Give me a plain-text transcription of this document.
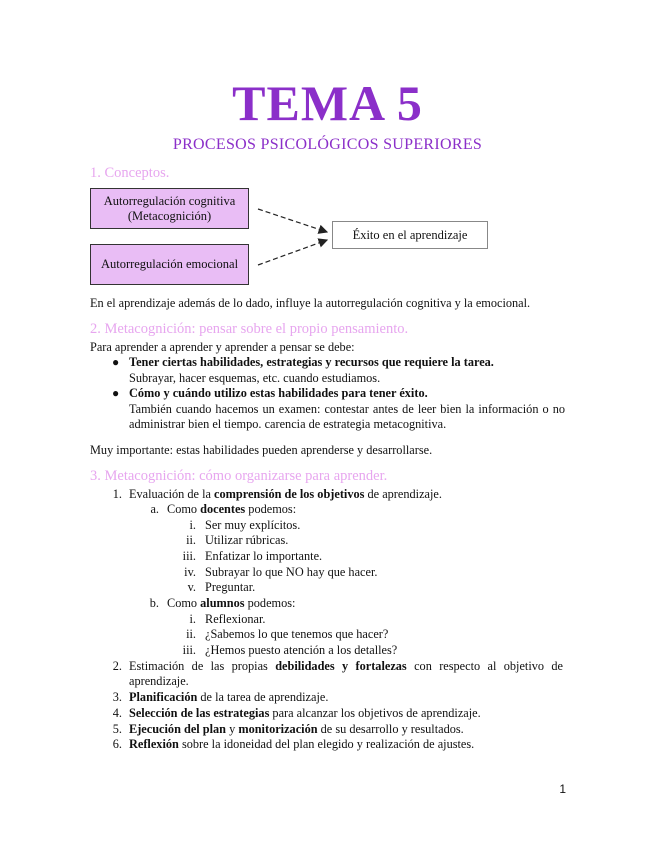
TEMA 5
PROCESOS PSICOLÓGICOS SUPERIORES
1. Conceptos.
Autorregulación cognitiva
(Metacognición)
Autorregulación emocional
Éxito en el aprendizaje
En el aprendizaje además de lo dado, influye la autorregulación cognitiva y la emocional.
2. Metacognición: pensar sobre el propio pensamiento.
Para aprender a aprender y aprender a pensar se debe:
● Tener ciertas habilidades, estrategias y recursos que requiere la tarea.
Subrayar, hacer esquemas, etc. cuando estudiamos.
● Cómo y cuándo utilizo estas habilidades para tener éxito.
También cuando hacemos un examen: contestar antes de leer bien la información o no administrar bien el tiempo. carencia de estrategia metacognitiva.
Muy importante: estas habilidades pueden aprenderse y desarrollarse.
3. Metacognición: cómo organizarse para aprender.
1. Evaluación de la comprensión de los objetivos de aprendizaje.
a. Como docentes podemos:
i. Ser muy explícitos.
ii. Utilizar rúbricas.
iii. Enfatizar lo importante.
iv. Subrayar lo que NO hay que hacer.
v. Preguntar.
b. Como alumnos podemos:
i. Reflexionar.
ii. ¿Sabemos lo que tenemos que hacer?
iii. ¿Hemos puesto atención a los detalles?
2. Estimación de las propias debilidades y fortalezas con respecto al objetivo de aprendizaje.
3. Planificación de la tarea de aprendizaje.
4. Selección de las estrategias para alcanzar los objetivos de aprendizaje.
5. Ejecución del plan y monitorización de su desarrollo y resultados.
6. Reflexión sobre la idoneidad del plan elegido y realización de ajustes.
1
